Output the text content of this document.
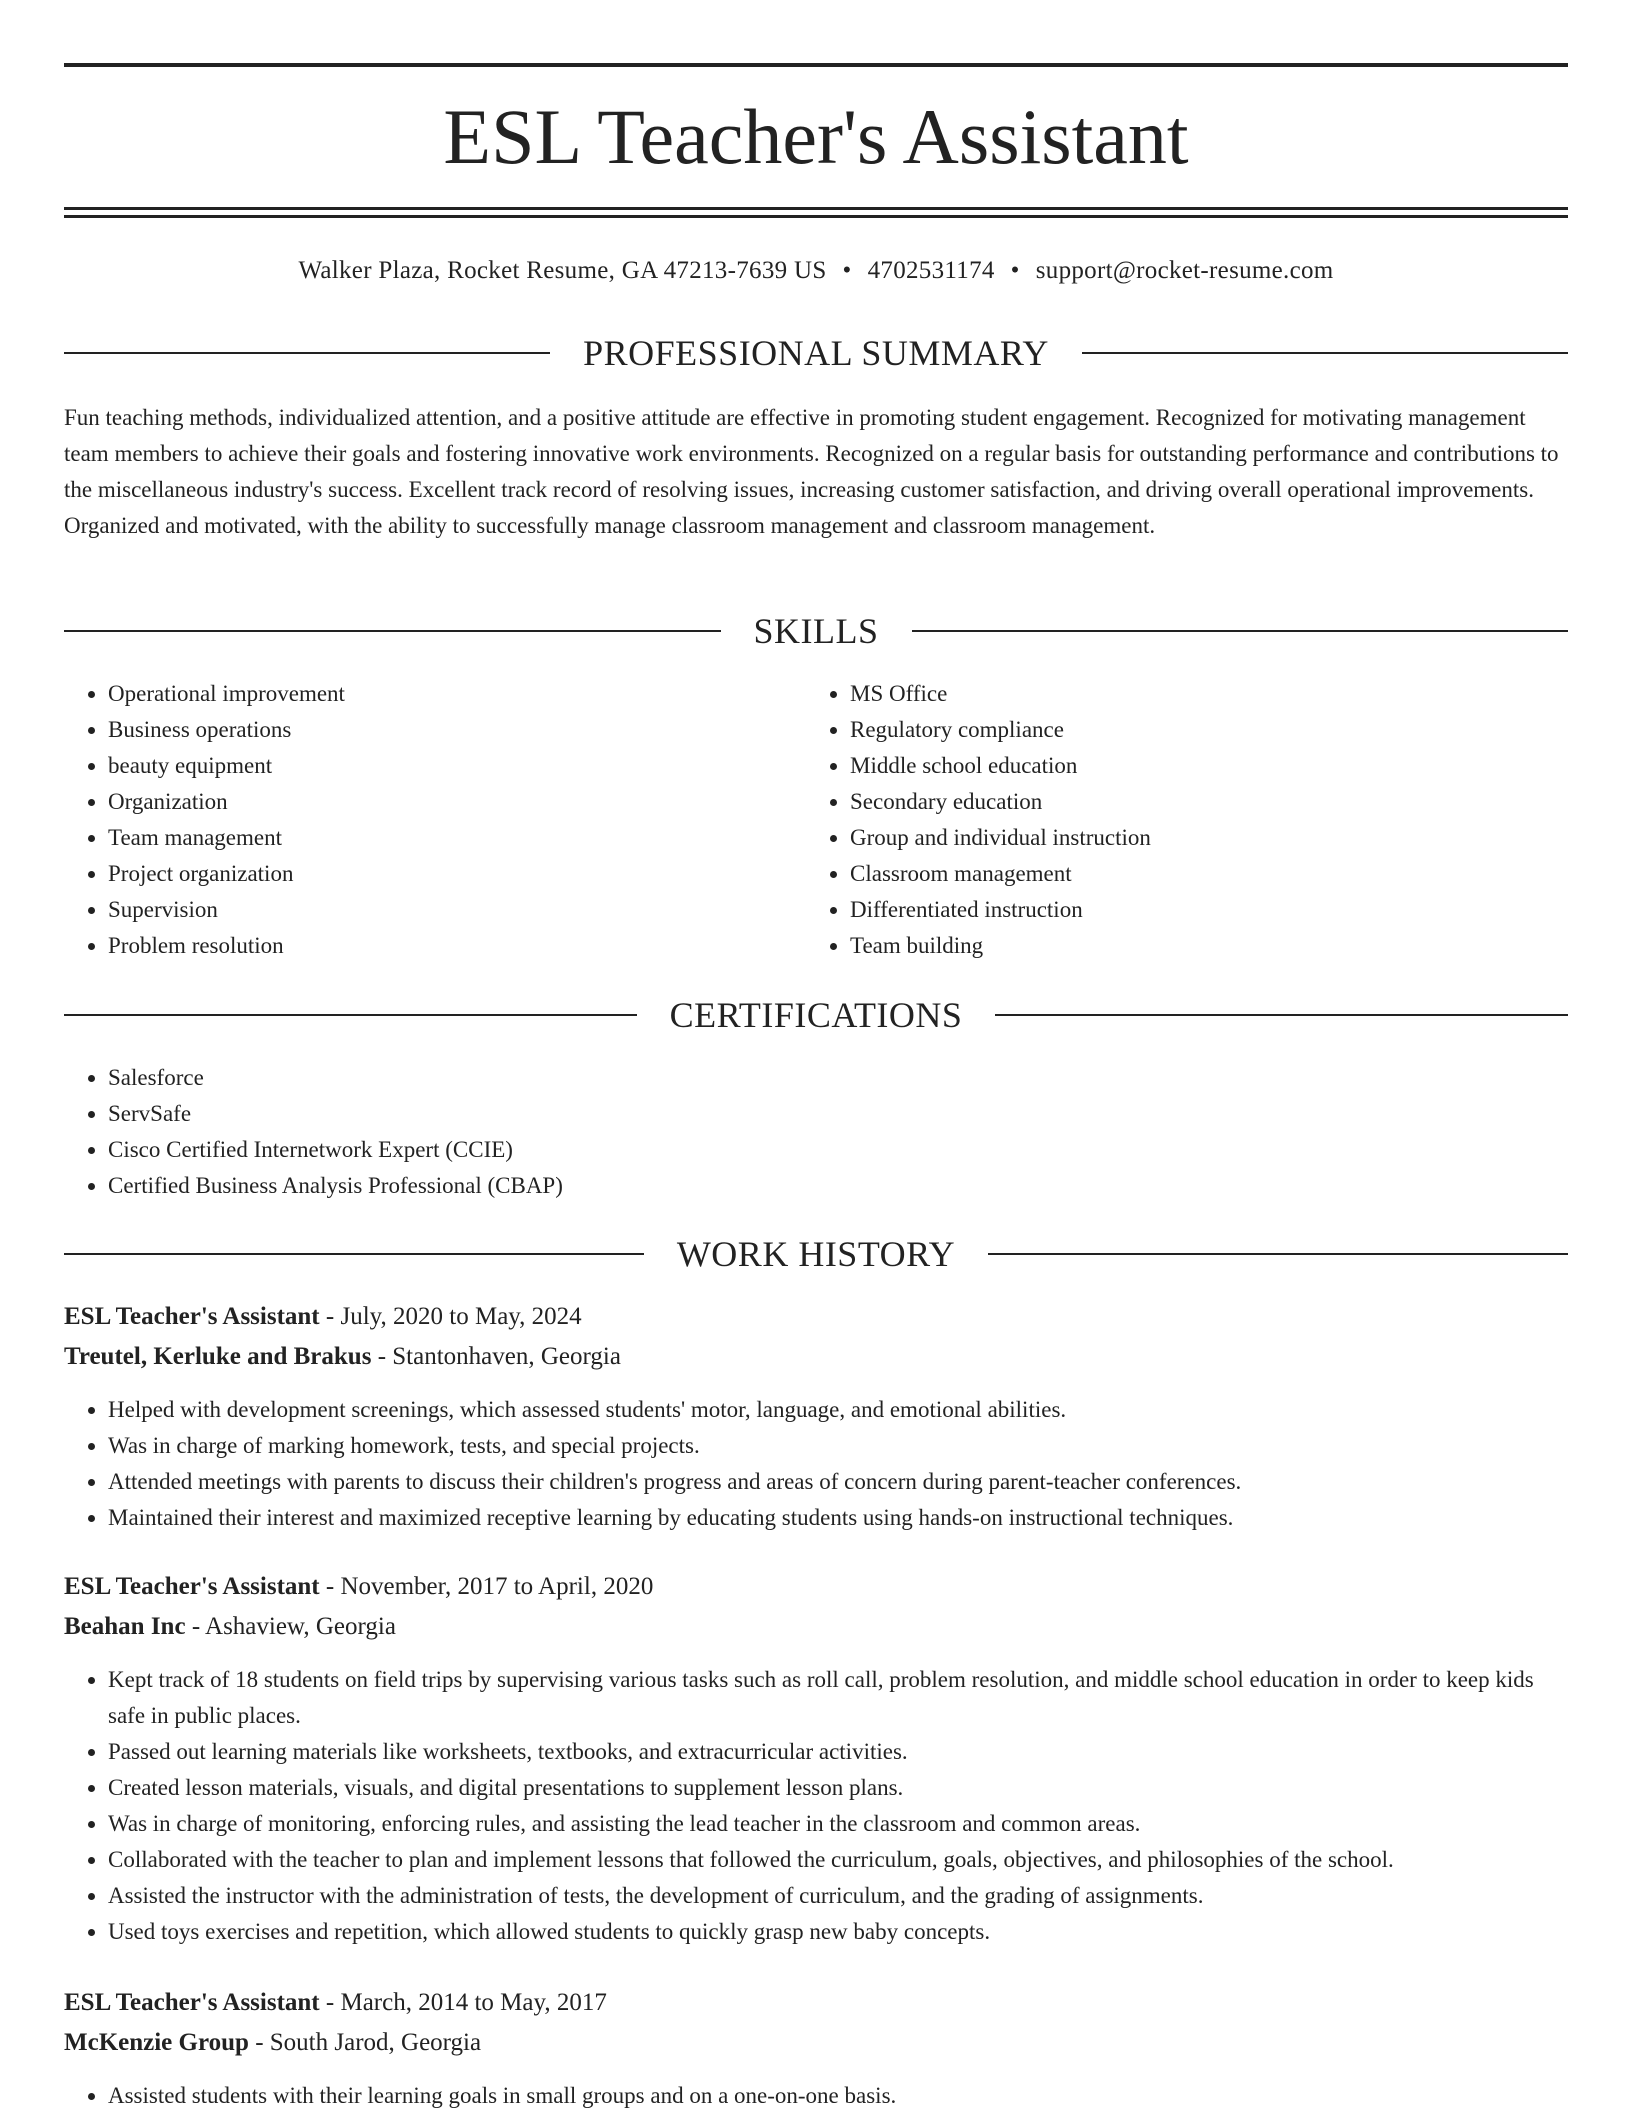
ESL Teacher's Assistant
Walker Plaza, Rocket Resume, GA 47213-7639 US • 4702531174 • support@rocket-resume.com
PROFESSIONAL SUMMARY

Fun teaching methods, individualized attention, and a positive attitude are effective in promoting student engagement. Recognized for motivating management team members to achieve their goals and fostering innovative work environments. Recognized on a regular basis for outstanding performance and contributions to the miscellaneous industry's success. Excellent track record of resolving issues, increasing customer satisfaction, and driving overall operational improvements. Organized and motivated, with the ability to successfully manage classroom management and classroom management.

SKILLS
• Operational improvement
• Business operations
• beauty equipment
• Organization
• Team management
• Project organization
• Supervision
• Problem resolution
• MS Office
• Regulatory compliance
• Middle school education
• Secondary education
• Group and individual instruction
• Classroom management
• Differentiated instruction
• Team building
CERTIFICATIONS
• Salesforce
• ServSafe
• Cisco Certified Internetwork Expert (CCIE)
• Certified Business Analysis Professional (CBAP)
WORK HISTORY
ESL Teacher's Assistant - July, 2020 to May, 2024
Treutel, Kerluke and Brakus - Stantonhaven, Georgia
• Helped with development screenings, which assessed students' motor, language, and emotional abilities.
• Was in charge of marking homework, tests, and special projects.
• Attended meetings with parents to discuss their children's progress and areas of concern during parent-teacher conferences.
• Maintained their interest and maximized receptive learning by educating students using hands-on instructional techniques.
ESL Teacher's Assistant - November, 2017 to April, 2020
Beahan Inc - Ashaview, Georgia
• Kept track of 18 students on field trips by supervising various tasks such as roll call, problem resolution, and middle school education in order to keep kids safe in public places.
• Passed out learning materials like worksheets, textbooks, and extracurricular activities.
• Created lesson materials, visuals, and digital presentations to supplement lesson plans.
• Was in charge of monitoring, enforcing rules, and assisting the lead teacher in the classroom and common areas.
• Collaborated with the teacher to plan and implement lessons that followed the curriculum, goals, objectives, and philosophies of the school.
• Assisted the instructor with the administration of tests, the development of curriculum, and the grading of assignments.
• Used toys exercises and repetition, which allowed students to quickly grasp new baby concepts.
ESL Teacher's Assistant - March, 2014 to May, 2017
McKenzie Group - South Jarod, Georgia
• Assisted students with their learning goals in small groups and on a one-on-one basis.
